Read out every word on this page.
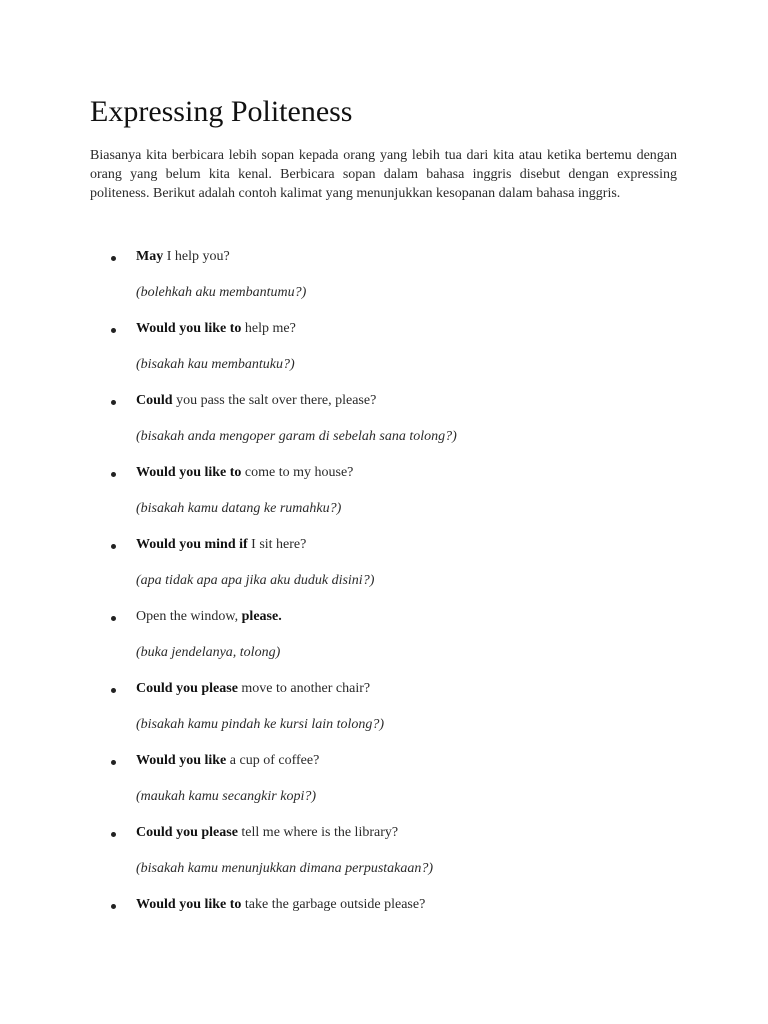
Expressing Politeness

Biasanya kita berbicara lebih sopan kepada orang yang lebih tua dari kita atau ketika bertemu dengan orang yang belum kita kenal. Berbicara sopan dalam bahasa inggris disebut dengan expressing politeness. Berikut adalah contoh kalimat yang menunjukkan kesopanan dalam bahasa inggris.

May I help you?
(bolehkah aku membantumu?)
Would you like to help me?
(bisakah kau membantuku?)
Could you pass the salt over there, please?
(bisakah anda mengoper garam di sebelah sana tolong?)
Would you like to come to my house?
(bisakah kamu datang ke rumahku?)
Would you mind if I sit here?
(apa tidak apa apa jika aku duduk disini?)
Open the window, please.
(buka jendelanya, tolong)
Could you please move to another chair?
(bisakah kamu pindah ke kursi lain tolong?)
Would you like a cup of coffee?
(maukah kamu secangkir kopi?)
Could you please tell me where is the library?
(bisakah kamu menunjukkan dimana perpustakaan?)
Would you like to take the garbage outside please?
